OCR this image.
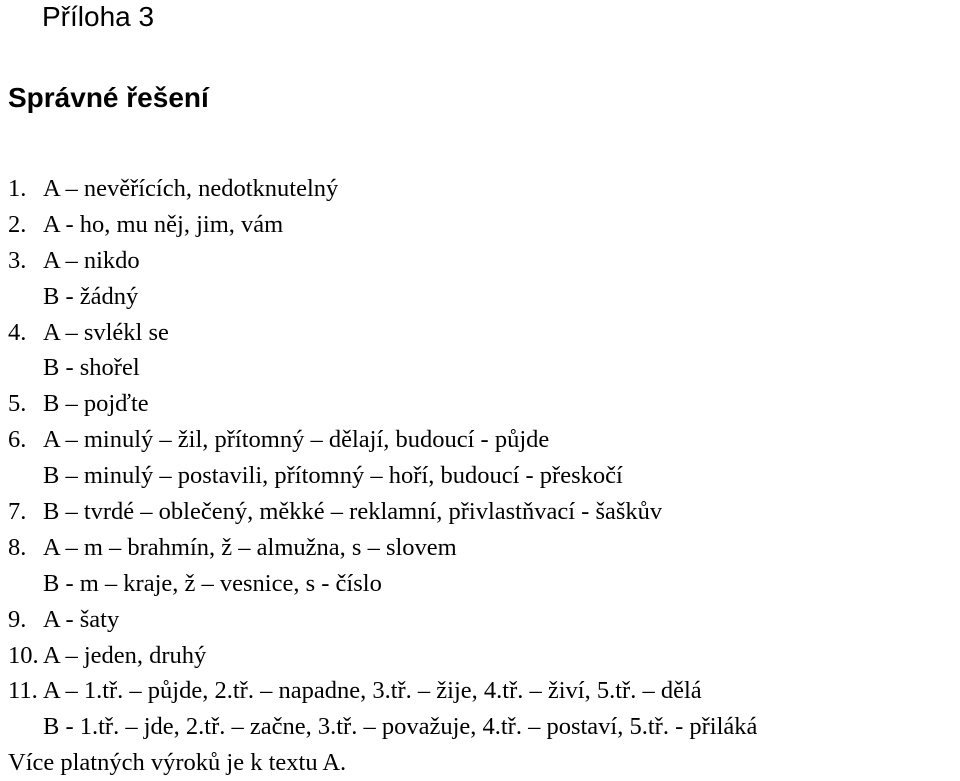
Příloha 3
Správné řešení
1. A – nevěřících, nedotknutelný
2. A - ho, mu něj, jim, vám
3. A – nikdo
B - žádný
4. A – svlékl se
B - shořel
5. B – pojďte
6. A – minulý – žil, přítomný – dělají, budoucí - půjde
B – minulý – postavili, přítomný – hoří, budoucí - přeskočí
7. B – tvrdé – oblečený, měkké – reklamní, přivlastňvací - šaškův
8. A – m – brahmín, ž – almužna, s – slovem
B - m – kraje, ž – vesnice, s - číslo
9. A - šaty
10. A – jeden, druhý
11. A – 1.tř. – půjde, 2.tř. – napadne, 3.tř. – žije, 4.tř. – živí, 5.tř. – dělá
B - 1.tř. – jde, 2.tř. – začne, 3.tř. – považuje, 4.tř. – postaví, 5.tř. - přiláká
Více platných výroků je k textu A.
